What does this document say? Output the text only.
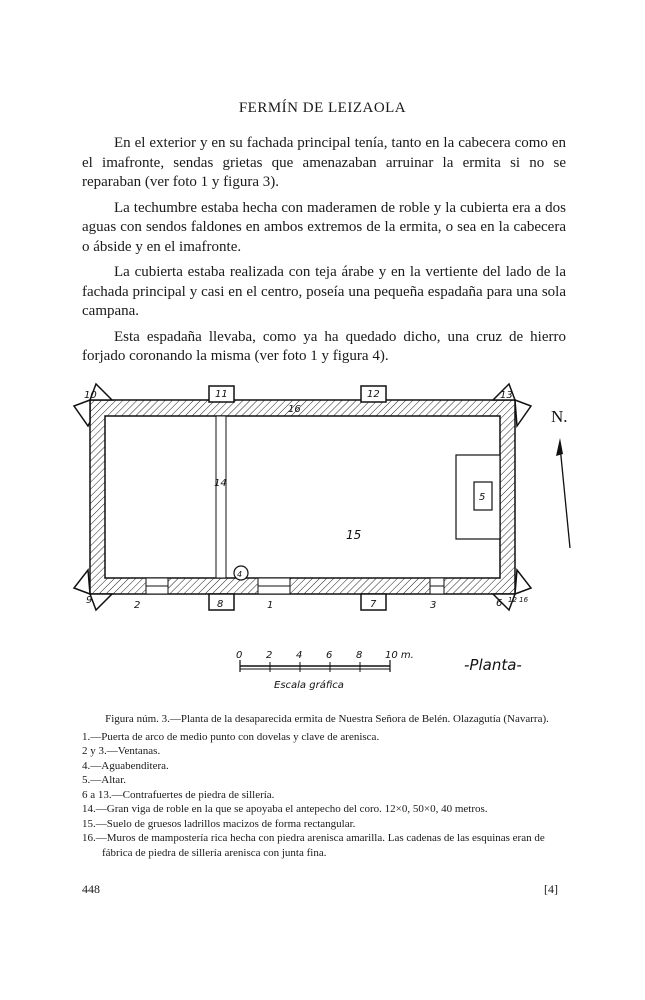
FERMÍN DE LEIZAOLA

En el exterior y en su fachada principal tenía, tanto en la cabecera como en el imafronte, sendas grietas que amenazaban arruinar la ermita si no se reparaban (ver foto 1 y figura 3).

La techumbre estaba hecha con maderamen de roble y la cubierta era a dos aguas con sendos faldones en ambos extremos de la ermita, o sea en la cabecera o ábside y en el imafronte.

La cubierta estaba realizada con teja árabe y en la vertiente del lado de la fachada principal y casi en el centro, poseía una pequeña espadaña para una sola campana.

Esta espadaña llevaba, como ya ha quedado dicho, una cruz de hierro forjado coronando la misma (ver foto 1 y figura 4).

10	11	12	13
16
14
15
5
4
9	2	8	1	7	3	6 12 16
N.
0 2 4 6 8 10 m.
Escala gráfica
-Planta-
Figura núm. 3.—Planta de la desaparecida ermita de Nuestra Señora de Belén. Olazagutía (Navarra).
1.—Puerta de arco de medio punto con dovelas y clave de arenisca.
2 y 3.—Ventanas.
4.—Aguabenditera.
5.—Altar.
6 a 13.—Contrafuertes de piedra de sillería.
14.—Gran viga de roble en la que se apoyaba el antepecho del coro. 12×0, 50×0, 40 metros.
15.—Suelo de gruesos ladrillos macizos de forma rectangular.
16.—Muros de mampostería rica hecha con piedra arenisca amarilla. Las cadenas de las esquinas eran de fábrica de piedra de sillería arenisca con junta fina.
448	[4]
